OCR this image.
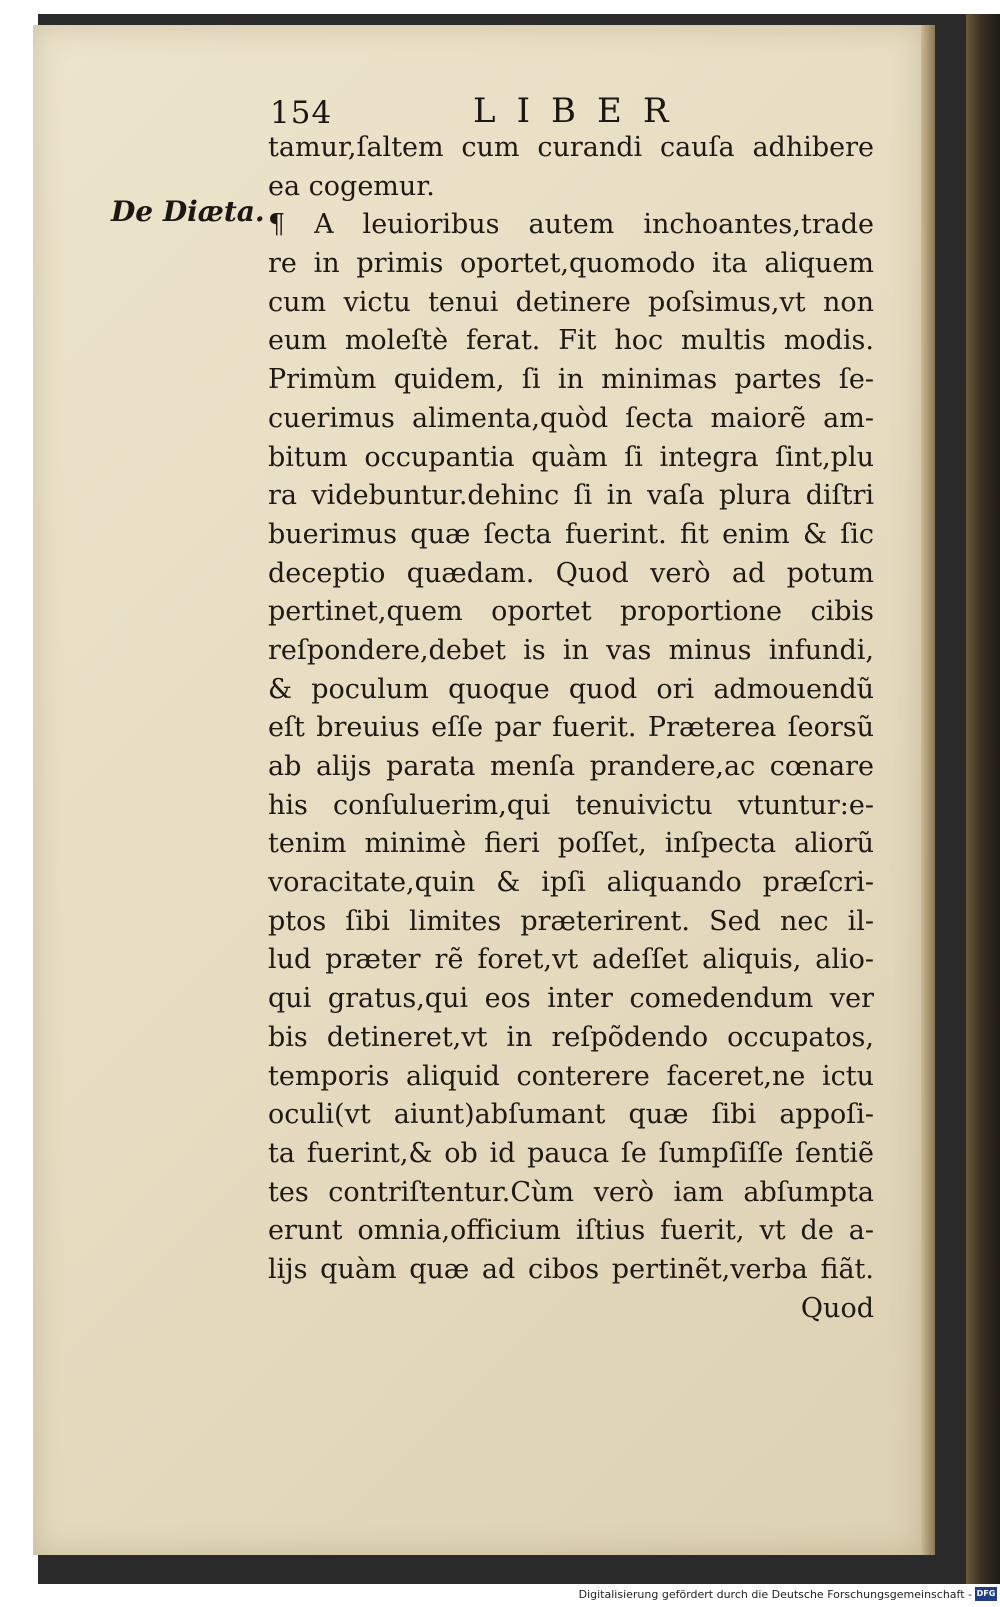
154	LIBER
De Diæta.
tamur,ſaltem cum curandi cauſa adhibere
ea cogemur.
¶ A leuioribus autem inchoantes,trade
re in primis oportet,quomodo ita aliquem
cum victu tenui detinere poſsimus,vt non
eum moleſtè ferat. Fit hoc multis modis.
Primùm quidem, ſi in minimas partes ſe-
cuerimus alimenta,quòd ſecta maiorẽ am-
bitum occupantia quàm ſi integra ſint,plu
ra videbuntur.dehinc ſi in vaſa plura diſtri
buerimus quæ ſecta fuerint. fit enim & ſic
deceptio quædam. Quod verò ad potum
pertinet,quem oportet proportione cibis
reſpondere,debet is in vas minus infundi,
& poculum quoque quod ori admouendũ
eſt breuius eſſe par fuerit. Præterea ſeorsũ
ab alijs parata menſa prandere,ac cœnare
his conſuluerim,qui tenuivictu vtuntur:e-
tenim minimè fieri poſſet, inſpecta aliorũ
voracitate,quin & ipſi aliquando præſcri-
ptos ſibi limites præterirent. Sed nec il-
lud præter rẽ foret,vt adeſſet aliquis, alio-
qui gratus,qui eos inter comedendum ver
bis detineret,vt in reſpõdendo occupatos,
temporis aliquid conterere faceret,ne ictu
oculi(vt aiunt)abſumant quæ ſibi appoſi-
ta fuerint,& ob id pauca ſe ſumpſiſſe ſentiẽ
tes contriſtentur.Cùm verò iam abſumpta
erunt omnia,officium iſtius fuerit, vt de a-
lijs quàm quæ ad cibos pertinẽt,verba fiãt.
Quod
Digitalisierung gefördert durch die Deutsche Forschungsgemeinschaft - DFG
